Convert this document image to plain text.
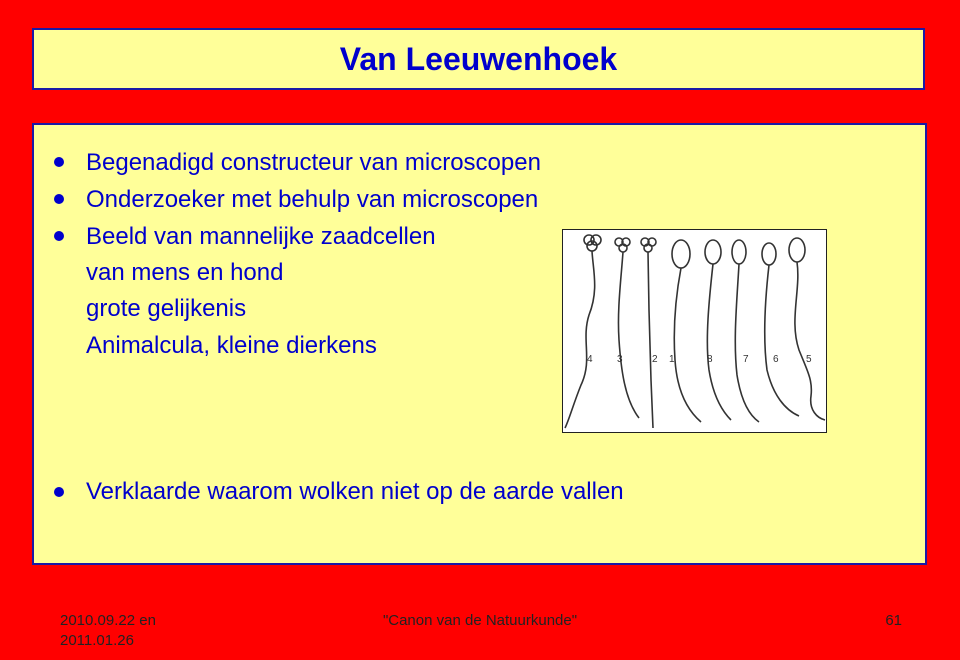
Van Leeuwenhoek
Begenadigd constructeur van microscopen
Onderzoeker met behulp van microscopen
Beeld van mannelijke zaadcellen
van mens en hond
grote gelijkenis
Animalcula, kleine dierkens
4 3	2 1	8	7 6	5
Verklaarde waarom wolken niet op de aarde vallen
2010.09.22 en
2011.01.26
"Canon van de Natuurkunde"	61
